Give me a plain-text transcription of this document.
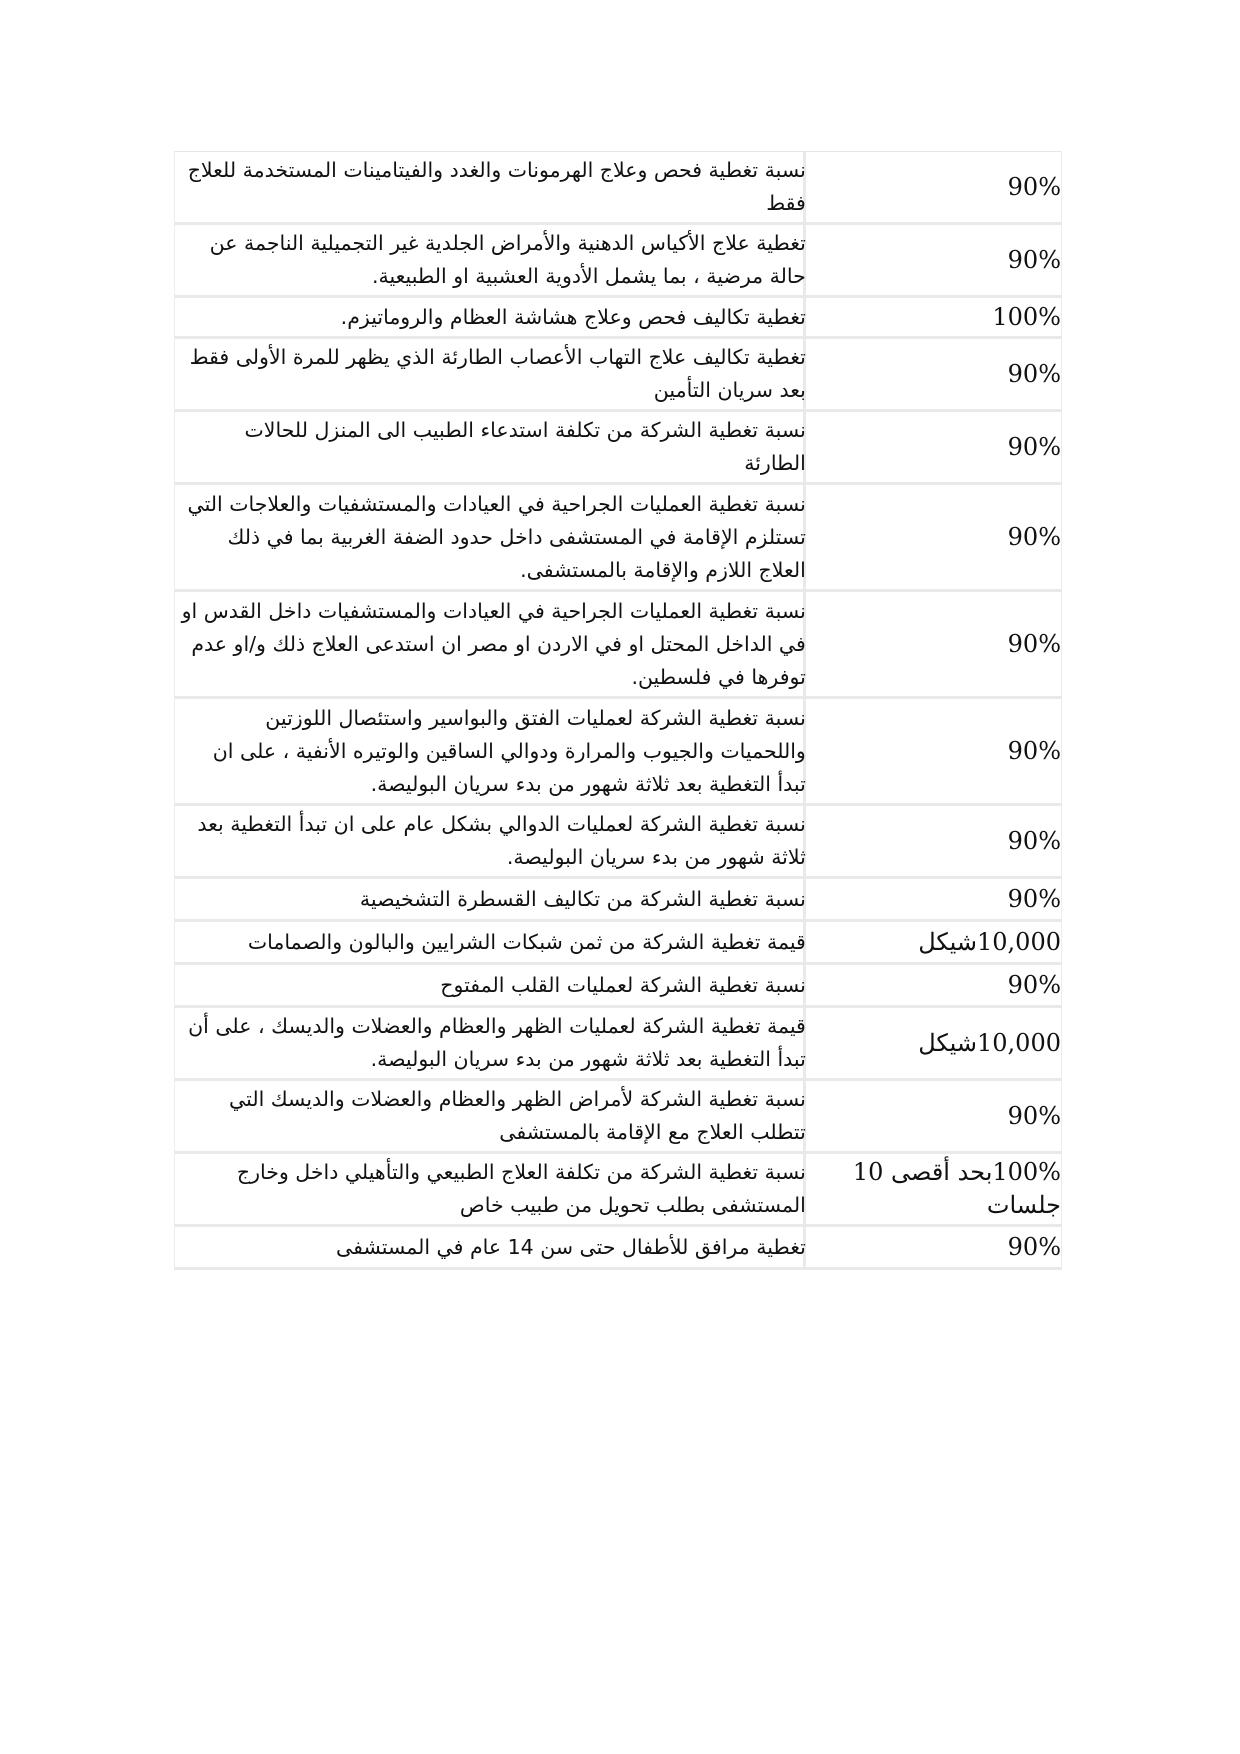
نسبة تغطية فحص وعلاج الهرمونات والغدد والفيتامينات المستخدمة للعلاج فقط	90%
تغطية علاج الأكياس الدهنية والأمراض الجلدية غير التجميلية الناجمة عن حالة مرضية ، بما يشمل الأدوية العشبية او الطبيعية.	90%
تغطية تكاليف فحص وعلاج هشاشة العظام والروماتيزم.	100%
تغطية تكاليف علاج التهاب الأعصاب الطارئة الذي يظهر للمرة الأولى فقط بعد سريان التأمين	90%
نسبة تغطية الشركة من تكلفة استدعاء الطبيب الى المنزل للحالات الطارئة	90%
نسبة تغطية العمليات الجراحية في العيادات والمستشفيات والعلاجات التي تستلزم الإقامة في المستشفى داخل حدود الضفة الغربية بما في ذلك العلاج اللازم والإقامة بالمستشفى.	90%
نسبة تغطية العمليات الجراحية في العيادات والمستشفيات داخل القدس او في الداخل المحتل او في الاردن او مصر ان استدعى العلاج ذلك و/او عدم توفرها في فلسطين.	90%
نسبة تغطية الشركة لعمليات الفتق والبواسير واستئصال اللوزتين واللحميات والجيوب والمرارة ودوالي الساقين والوتيره الأنفية ، على ان تبدأ التغطية بعد ثلاثة شهور من بدء سريان البوليصة.	90%
نسبة تغطية الشركة لعمليات الدوالي بشكل عام على ان تبدأ التغطية بعد ثلاثة شهور من بدء سريان البوليصة.	90%
نسبة تغطية الشركة من تكاليف القسطرة التشخيصية	90%
قيمة تغطية الشركة من ثمن شبكات الشرايين والبالون والصمامات	10,000شيكل
نسبة تغطية الشركة لعمليات القلب المفتوح	90%
قيمة تغطية الشركة لعمليات الظهر والعظام والعضلات والديسك ، على أن تبدأ التغطية بعد ثلاثة شهور من بدء سريان البوليصة.	10,000شيكل
نسبة تغطية الشركة لأمراض الظهر والعظام والعضلات والديسك التي تتطلب العلاج مع الإقامة بالمستشفى	90%
نسبة تغطية الشركة من تكلفة العلاج الطبيعي والتأهيلي داخل وخارج المستشفى بطلب تحويل من طبيب خاص	100%بحد أقصى 10 جلسات
تغطية مرافق للأطفال حتى سن 14 عام في المستشفى	90%
